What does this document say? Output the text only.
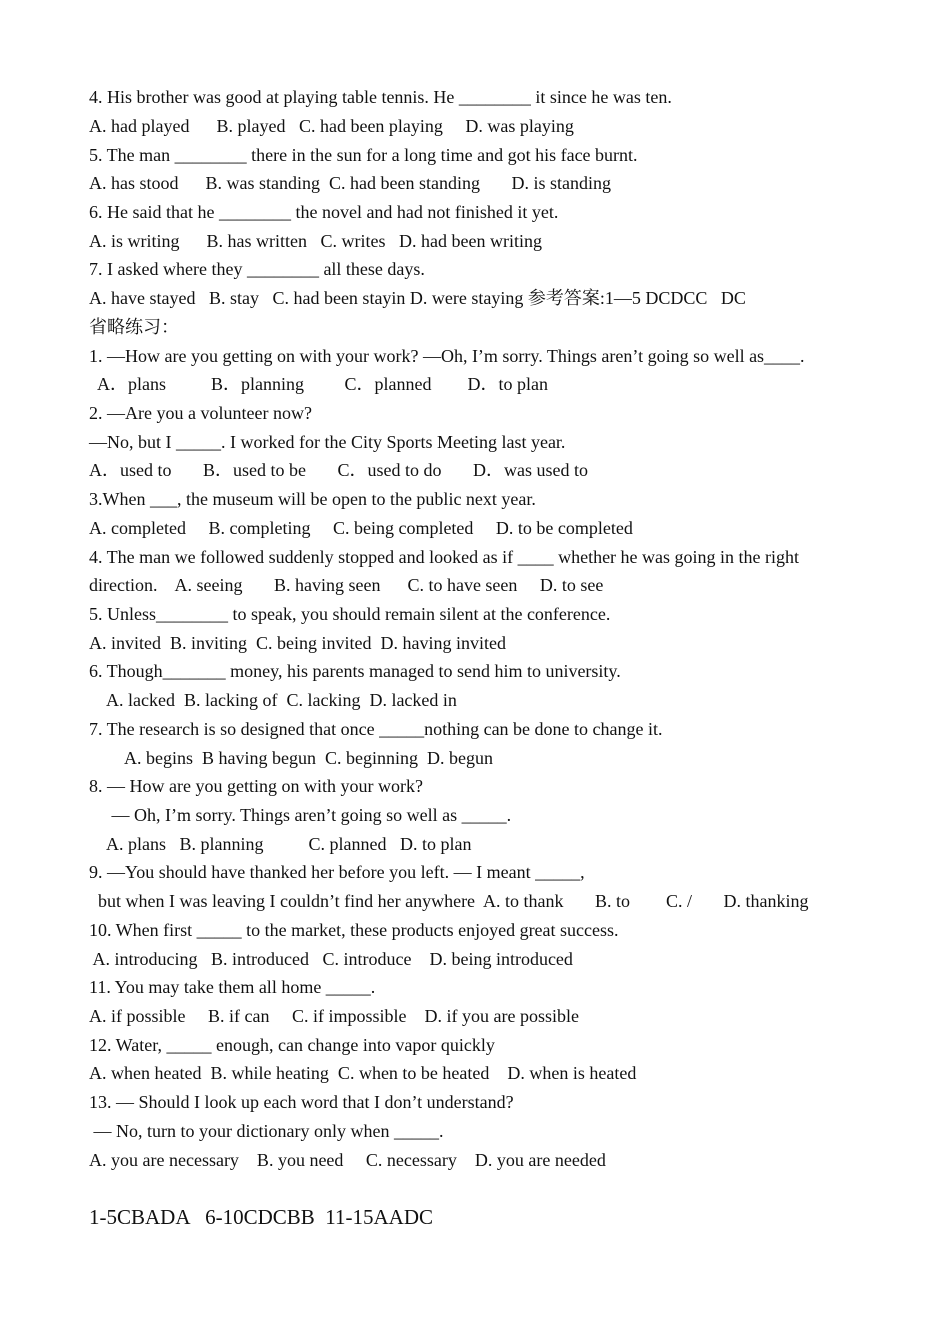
4. His brother was good at playing table tennis. He ________ it since he was ten.
A. had played      B. played   C. had been playing     D. was playing
5. The man ________ there in the sun for a long time and got his face burnt.
A. has stood      B. was standing  C. had been standing       D. is standing
6. He said that he ________ the novel and had not finished it yet.
A. is writing      B. has written   C. writes   D. had been writing
7. I asked where they ________ all these days.
A. have stayed   B. stay   C. had been stayin D. were staying 参考答案:1—5 DCDCC   DC
省略练习：
1. —How are you getting on with your work? —Oh, I’m sorry. Things aren’t going so well as____.
A．plans          B．planning         C．planned        D．to plan
2. —Are you a volunteer now?
—No, but I _____. I worked for the City Sports Meeting last year.
A．used to       B．used to be       C．used to do       D．was used to
3.When ___, the museum will be open to the public next year.
A. completed     B. completing     C. being completed     D. to be completed
4. The man we followed suddenly stopped and looked as if ____ whether he was going in the right
direction.    A. seeing       B. having seen      C. to have seen     D. to see
5. Unless________ to speak, you should remain silent at the conference.
A. invited  B. inviting  C. being invited  D. having invited
6. Though_______ money, his parents managed to send him to university.
A. lacked  B. lacking of  C. lacking  D. lacked in
7. The research is so designed that once _____nothing can be done to change it.
A. begins  B having begun  C. beginning  D. begun
8. — How are you getting on with your work?
— Oh, I’m sorry. Things aren’t going so well as _____.
A. plans   B. planning          C. planned   D. to plan
9. —You should have thanked her before you left. — I meant _____,
but when I was leaving I couldn’t find her anywhere  A. to thank       B. to        C. /       D. thanking
10. When first _____ to the market, these products enjoyed great success.
A. introducing   B. introduced   C. introduce    D. being introduced
11. You may take them all home _____.
A. if possible     B. if can     C. if impossible    D. if you are possible
12. Water, _____ enough, can change into vapor quickly
A. when heated  B. while heating  C. when to be heated    D. when is heated
13. — Should I look up each word that I don’t understand?
— No, turn to your dictionary only when _____.
A. you are necessary    B. you need     C. necessary    D. you are needed
1-5CBADA   6-10CDCBB  11-15AADC
